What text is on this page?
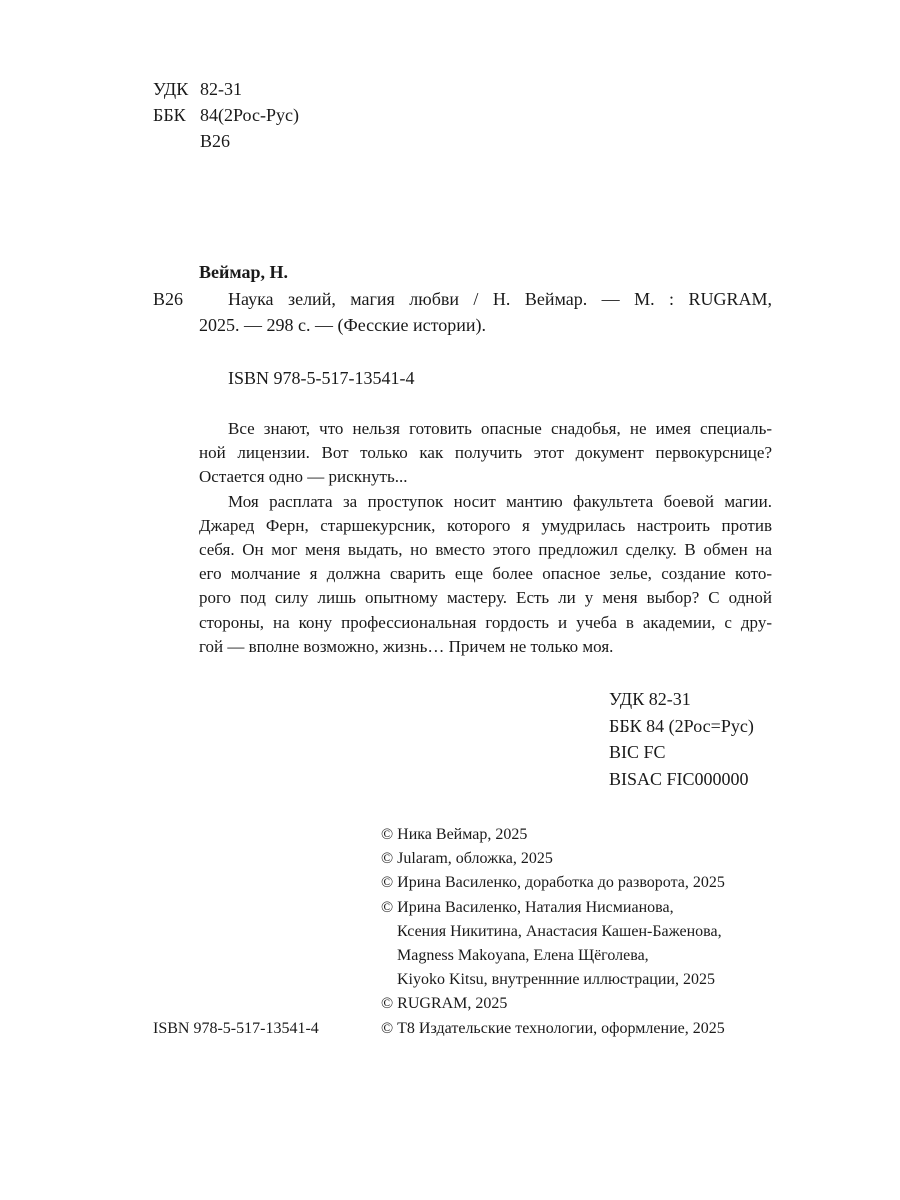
УДК 82-31
ББК 84(2Рос-Рус)
В26

Веймар, Н.

В26	Наука зелий, магия любви / Н. Веймар. — М. : RUGRAM,
2025. — 298 с. — (Фесские истории).

ISBN 978-5-517-13541-4

Все знают, что нельзя готовить опасные снадобья, не имея специаль-
ной лицензии. Вот только как получить этот документ первокурснице?
Остается одно — рискнуть...
Моя расплата за проступок носит мантию факультета боевой магии.
Джаред Ферн, старшекурсник, которого я умудрилась настроить против
себя. Он мог меня выдать, но вместо этого предложил сделку. В обмен на
его молчание я должна сварить еще более опасное зелье, создание кото-
рого под силу лишь опытному мастеру. Есть ли у меня выбор? С одной
стороны, на кону профессиональная гордость и учеба в академии, с дру-
гой — вполне возможно, жизнь… Причем не только моя.
УДК 82-31
ББК 84 (2Рос=Рус)
BIC FC
BISAC FIC000000
© Ника Веймар, 2025
© Jularam, обложка, 2025
© Ирина Василенко, доработка до разворота, 2025
© Ирина Василенко, Наталия Нисмианова,
Ксения Никитина, Анастасия Кашен-Баженова,
Magness Makoyana, Елена Щёголева,
Kiyoko Kitsu, внутреннние иллюстрации, 2025
© RUGRAM, 2025
© Т8 Издательские технологии, оформление, 2025

ISBN 978-5-517-13541-4
